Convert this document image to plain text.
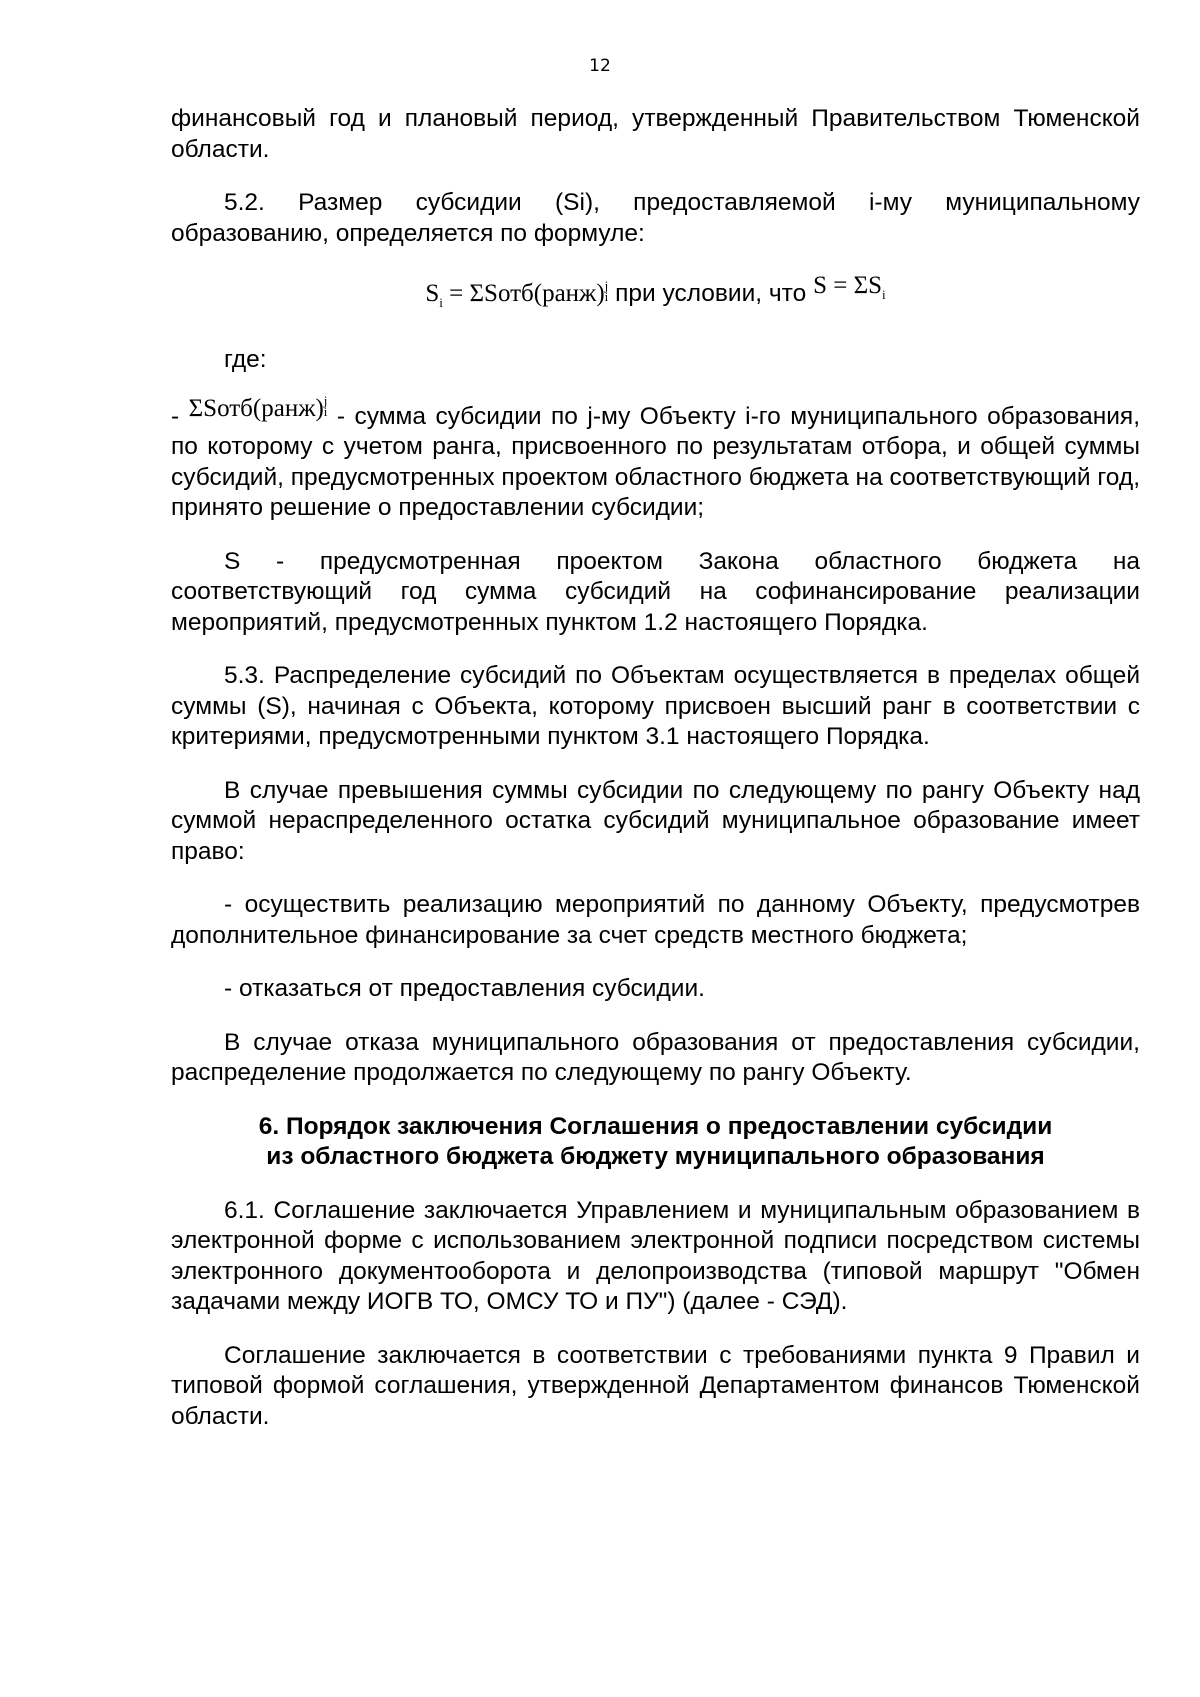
12

финансовый год и плановый период, утвержденный Правительством Тюменской области.

5.2. Размер субсидии (Si), предоставляемой i-му муниципальному образованию, определяется по формуле:

$S_i$ = ΣSотб(ранж) j
i при условии, что $S = \Sigma S_i$
где:

- ΣSотб(ранж) j
i - сумма субсидии по j-му Объекту i-го муниципального образования, по которому с учетом ранга, присвоенного по результатам отбора, и общей суммы субсидий, предусмотренных проектом областного бюджета на соответствующий год, принято решение о предоставлении субсидии;

S - предусмотренная проектом Закона областного бюджета на соответствующий год сумма субсидий на софинансирование реализации мероприятий, предусмотренных пунктом 1.2 настоящего Порядка.

5.3. Распределение субсидий по Объектам осуществляется в пределах общей суммы (S), начиная с Объекта, которому присвоен высший ранг в соответствии с критериями, предусмотренными пунктом 3.1 настоящего Порядка.

В случае превышения суммы субсидии по следующему по рангу Объекту над суммой нераспределенного остатка субсидий муниципальное образование имеет право:

- осуществить реализацию мероприятий по данному Объекту, предусмотрев дополнительное финансирование за счет средств местного бюджета;

- отказаться от предоставления субсидии.

В случае отказа муниципального образования от предоставления субсидии, распределение продолжается по следующему по рангу Объекту.

6. Порядок заключения Соглашения о предоставлении субсидии
из областного бюджета бюджету муниципального образования

6.1. Соглашение заключается Управлением и муниципальным образованием в электронной форме с использованием электронной подписи посредством системы электронного документооборота и делопроизводства (типовой маршрут "Обмен задачами между ИОГВ ТО, ОМСУ ТО и ПУ") (далее - СЭД).

Соглашение заключается в соответствии с требованиями пункта 9 Правил и типовой формой соглашения, утвержденной Департаментом финансов Тюменской области.
